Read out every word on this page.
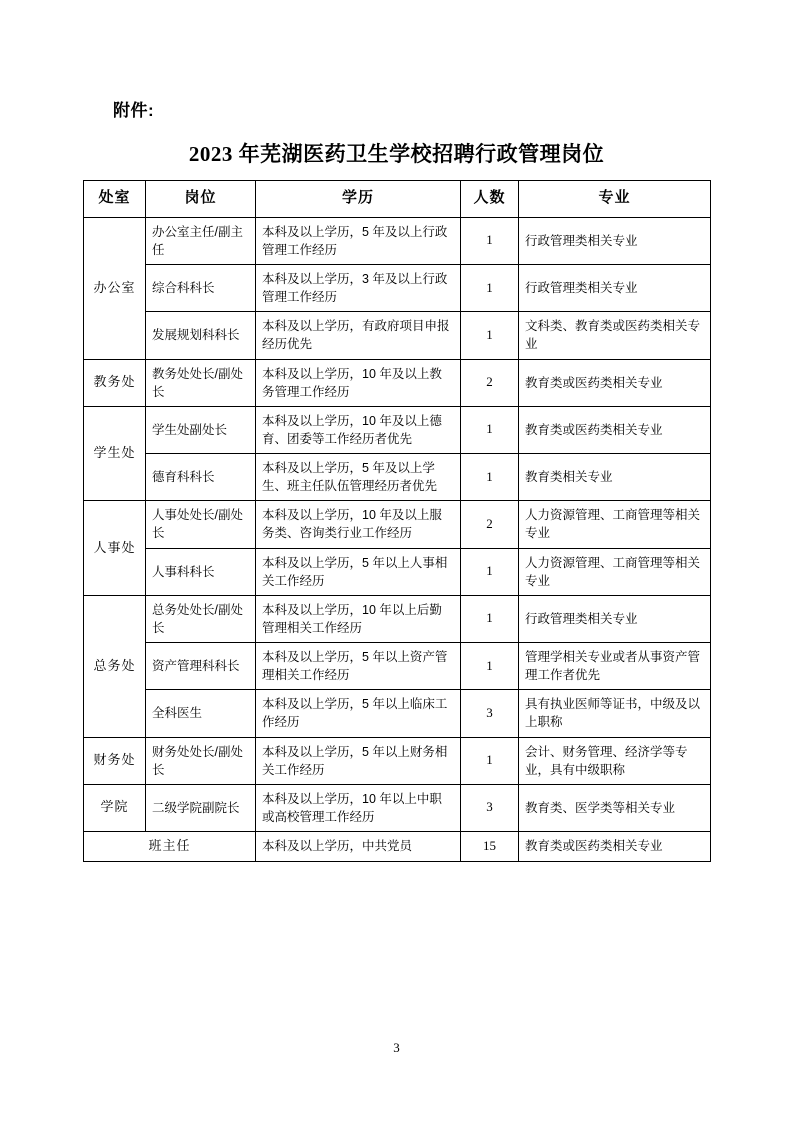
附件:
2023 年芜湖医药卫生学校招聘行政管理岗位
处室	岗位	学历	人数	专业
办公室	办公室主任/副主任	本科及以上学历，5 年及以上行政管理工作经历	1	行政管理类相关专业
	综合科科长	本科及以上学历，3 年及以上行政管理工作经历	1	行政管理类相关专业
	发展规划科科长	本科及以上学历，有政府项目申报经历优先	1	文科类、教育类或医药类相关专业
教务处	教务处处长/副处长	本科及以上学历，10 年及以上教务管理工作经历	2	教育类或医药类相关专业
学生处	学生处副处长	本科及以上学历，10 年及以上德育、团委等工作经历者优先	1	教育类或医药类相关专业
	德育科科长	本科及以上学历，5 年及以上学生、班主任队伍管理经历者优先	1	教育类相关专业
人事处	人事处处长/副处长	本科及以上学历，10 年及以上服务类、咨询类行业工作经历	2	人力资源管理、工商管理等相关专业
	人事科科长	本科及以上学历，5 年以上人事相关工作经历	1	人力资源管理、工商管理等相关专业
总务处	总务处处长/副处长	本科及以上学历，10 年以上后勤管理相关工作经历	1	行政管理类相关专业
	资产管理科科长	本科及以上学历，5 年以上资产管理相关工作经历	1	管理学相关专业或者从事资产管理工作者优先
	全科医生	本科及以上学历，5 年以上临床工作经历	3	具有执业医师等证书，中级及以上职称
财务处	财务处处长/副处长	本科及以上学历，5 年以上财务相关工作经历	1	会计、财务管理、经济学等专业，具有中级职称
学院	二级学院副院长	本科及以上学历，10 年以上中职或高校管理工作经历	3	教育类、医学类等相关专业
班主任		本科及以上学历，中共党员	15	教育类或医药类相关专业
3
